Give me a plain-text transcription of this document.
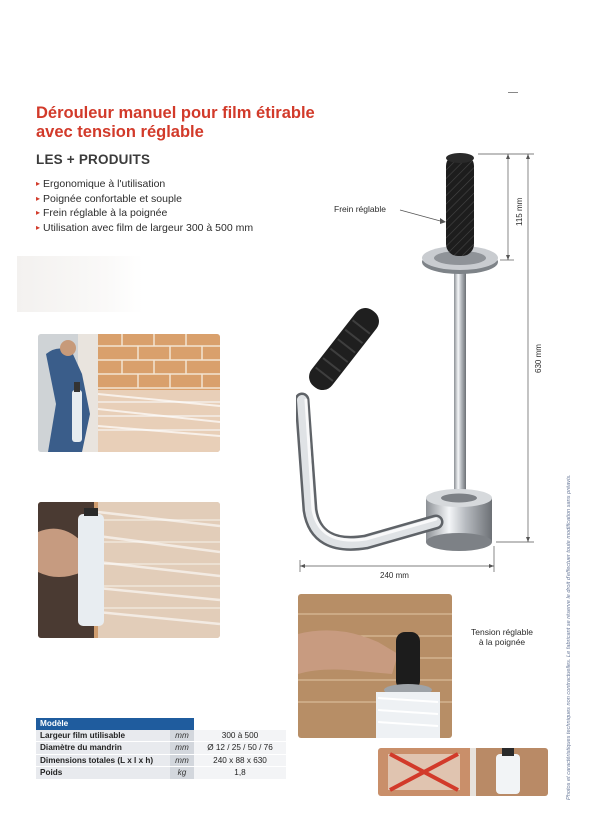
Dérouleur manuel pour film étirable
avec tension réglable
LES + PRODUITS
▸ Ergonomique à l'utilisation
▸ Poignée confortable et souple
▸ Frein réglable à la poignée
▸ Utilisation avec film de largeur 300 à 500 mm
Frein réglable
240 mm
115 mm
630 mm
Tension réglable
à la poignée
Modèle		
Largeur film utilisable	mm	300 à 500
Diamètre du mandrin	mm	Ø 12 / 25 / 50 / 76
Dimensions totales (L x l x h)	mm	240 x 88 x 630
Poids	kg	1,8	Photos et caractéristiques techniques non contractuelles. Le fabricant se réserve le droit d'effectuer toute modification sans préavis.
